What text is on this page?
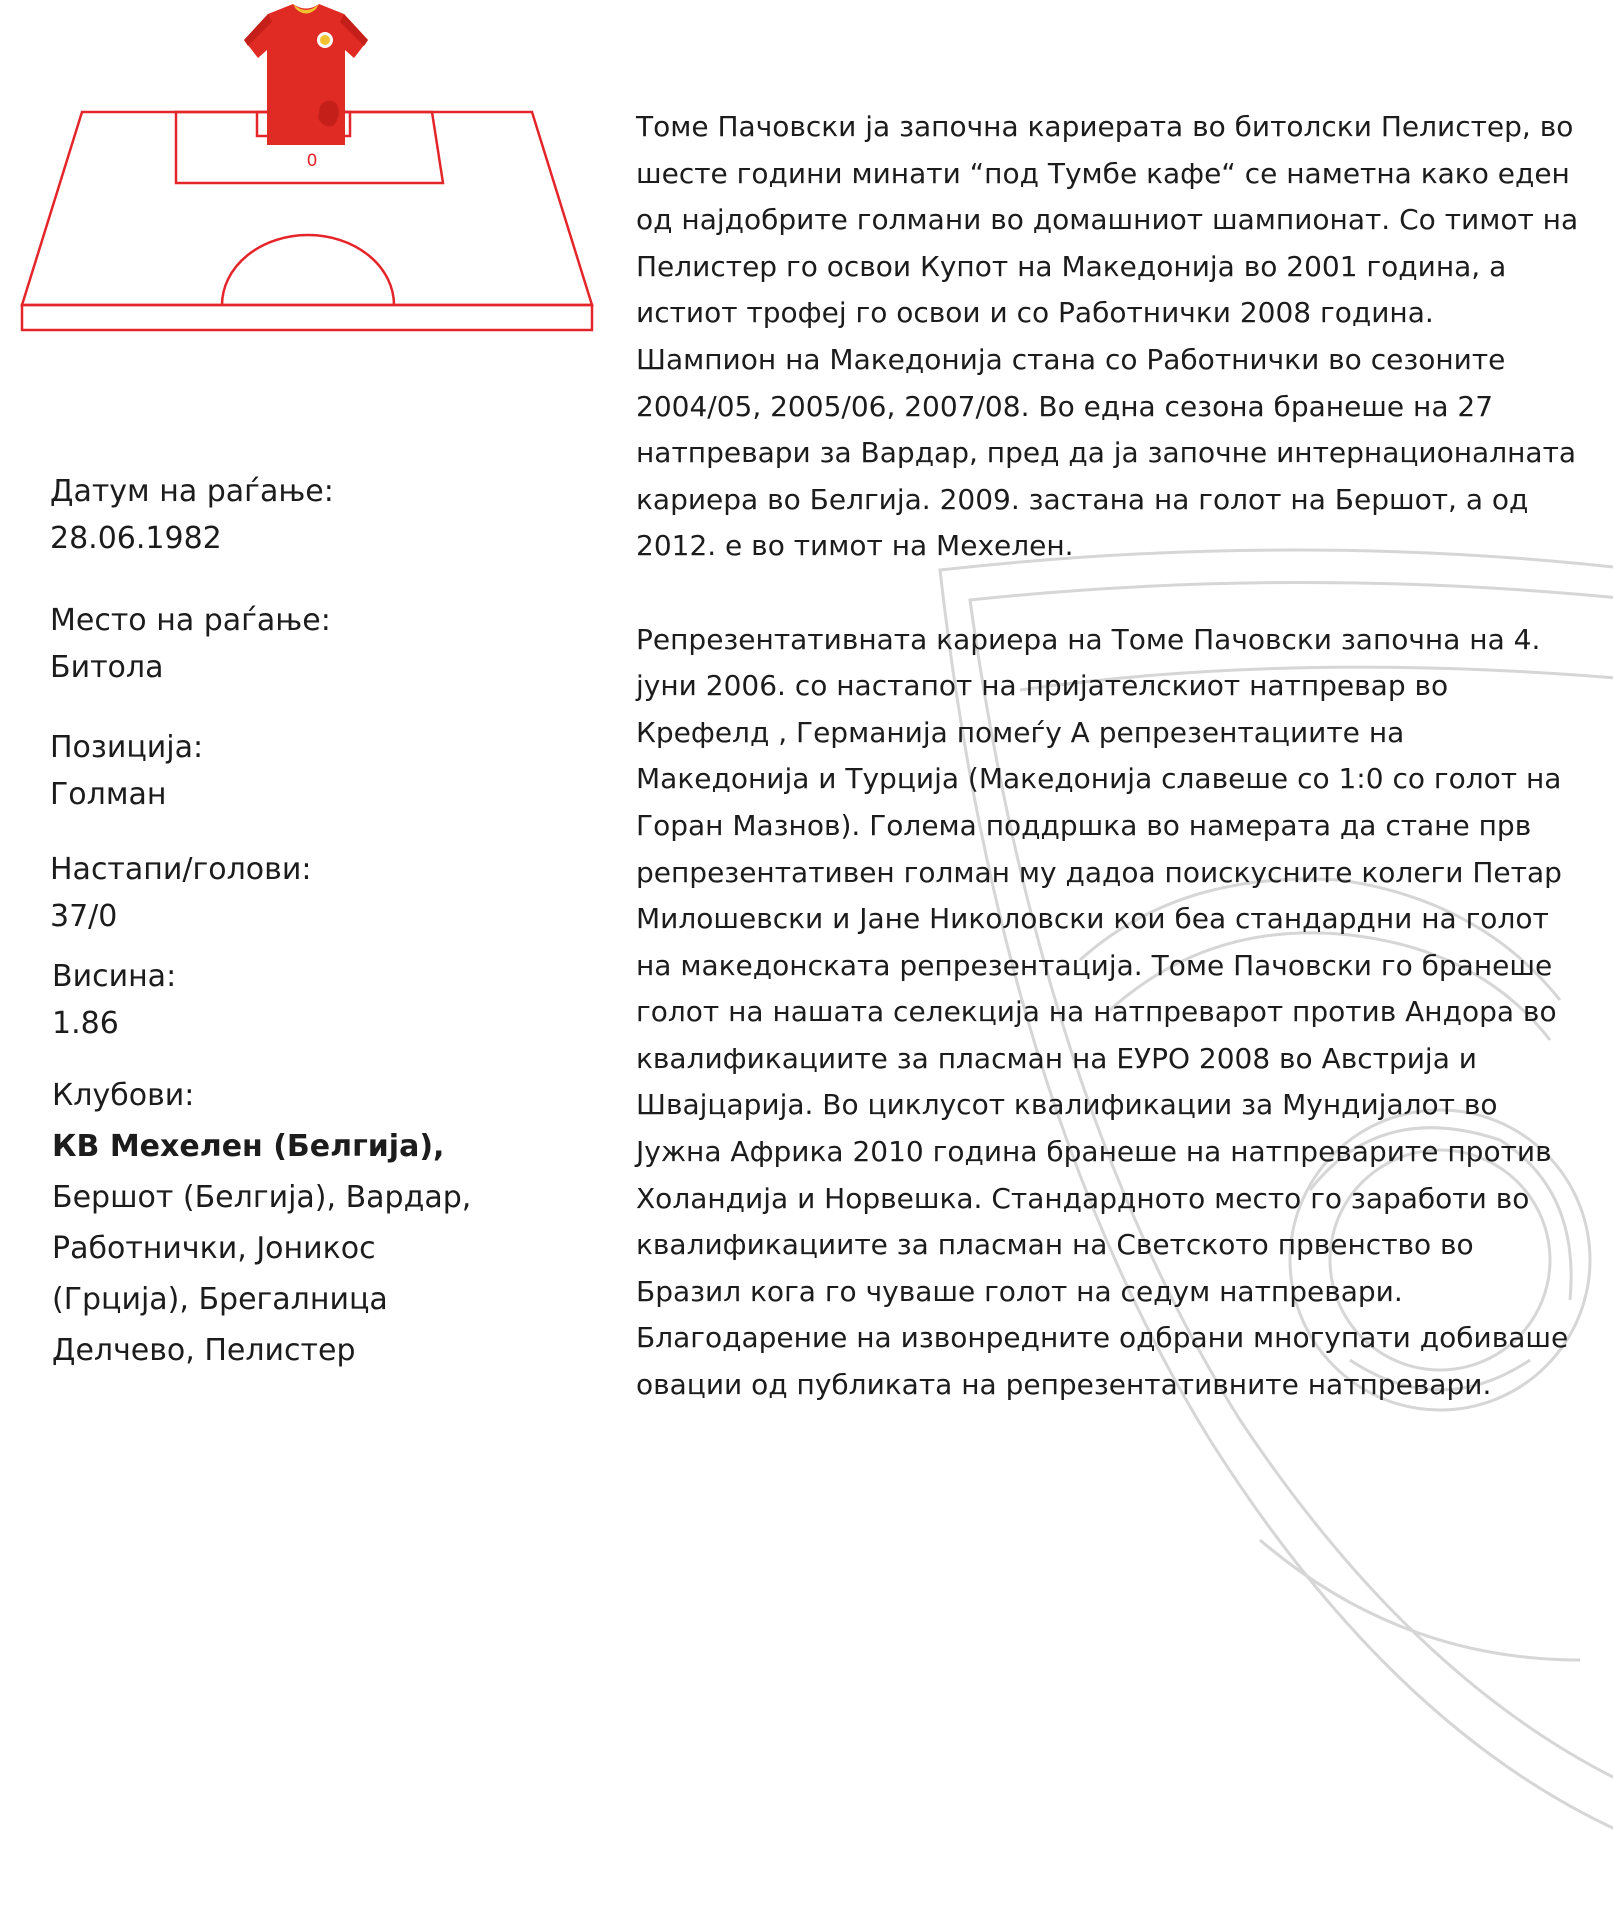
0
Датум на раѓање:
28.06.1982
Место на раѓање:
Битола
Позиција:
Голман
Настапи/голови:
37/0
Висина:
1.86
Клубови:
КВ Мехелен (Белгија),
Бершот (Белгија), Вардар, Работнички, Јоникос (Грција), Брегалница Делчево, Пелистер

Томе Пачовски ја започна кариерата во битолски Пелистер, во шесте години минати “под Тумбе кафе“ се наметна како еден од најдобрите голмани во домашниот шампионат. Со тимот на Пелистер го освои Купот на Македонија во 2001 година, а истиот трофеј го освои и со Работнички 2008 година. Шампион на Македонија стана со Работнички во сезоните 2004/05, 2005/06, 2007/08. Во една сезона бранеше на 27 натпревари за Вардар, пред да ја започне интернационалната кариера во Белгија. 2009. застана на голот на Бершот, а од 2012. е во тимот на Мехелен.

Репрезентативната кариера на Томе Пачовски започна на 4. јуни 2006. со настапот на пријателскиот натпревар во Крефелд , Германија помеѓу А репрезентациите на Македонија и Турција (Македонија славеше со 1:0 со голот на Горан Мазнов). Голема поддршка во намерата да стане прв репрезентативен голман му дадоа поискусните колеги Петар Милошевски и Јане Николовски кои беа стандардни на голот на македонската репрезентација. Томе Пачовски го бранеше голот на нашата селекција на натпреварот против Андора во квалификациите за пласман на ЕУРО 2008 во Австрија и Швајцарија. Во циклусот квалификации за Мундијалот во Јужна Африка 2010 година бранеше на натпреварите против Холандија и Норвешка. Стандардното место го заработи во квалификациите за пласман на Светското првенство во Бразил кога го чуваше голот на седум натпревари. Благодарение на извонредните одбрани многупати добиваше овации од публиката на репрезентативните натпревари.
